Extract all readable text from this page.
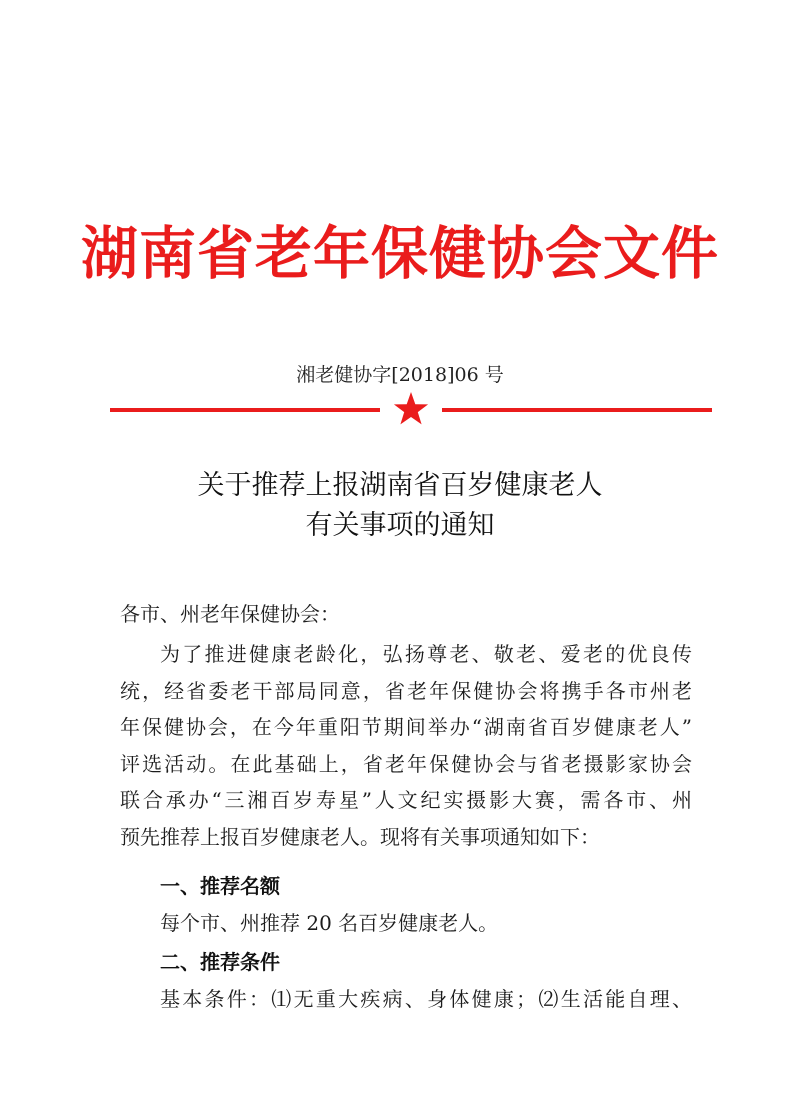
湖南省老年保健协会文件
湘老健协字[2018]06 号
关于推荐上报湖南省百岁健康老人
有关事项的通知
各市、州老年保健协会：
为了推进健康老龄化，弘扬尊老、敬老、爱老的优良传
统，经省委老干部局同意，省老年保健协会将携手各市州老
年保健协会，在今年重阳节期间举办“湖南省百岁健康老人”
评选活动。在此基础上，省老年保健协会与省老摄影家协会
联合承办“三湘百岁寿星”人文纪实摄影大赛，需各市、州
预先推荐上报百岁健康老人。现将有关事项通知如下：
一、推荐名额
每个市、州推荐 20 名百岁健康老人。
二、推荐条件
基本条件：⑴无重大疾病、身体健康；⑵生活能自理、
